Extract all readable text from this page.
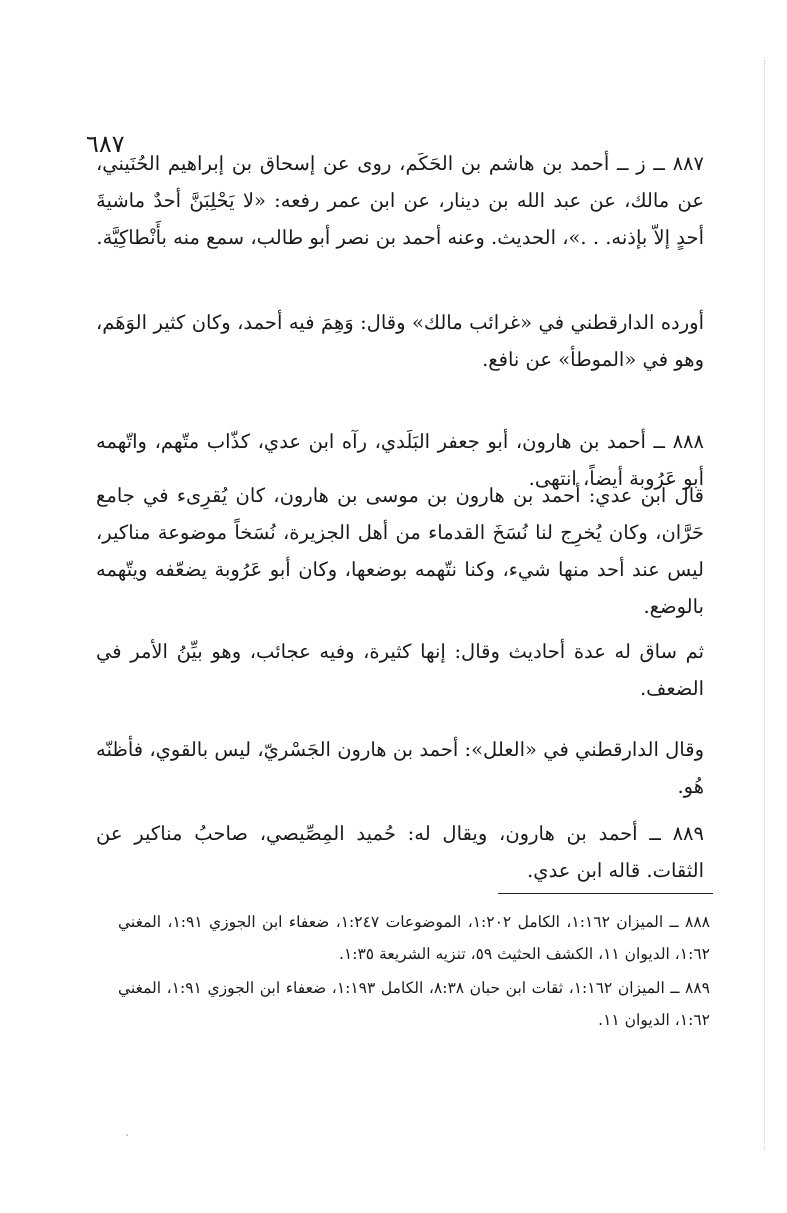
٦٨٧

٨٨٧ ــ ز ــ أحمد بن هاشم بن الحَكَم، روى عن إسحاق بن إبراهيم الحُنَيني، عن مالك، عن عبد الله بن دينار، عن ابن عمر رفعه: «لا يَحْلِبَنَّ أحدٌ ماشيةَ أحدٍ إلاّ بإذنه. . .»، الحديث. وعنه أحمد بن نصر أبو طالب، سمع منه بأَنْطاكِيَّة.

أورده الدارقطني في «غرائب مالك» وقال: وَهِمَ فيه أحمد، وكان كثير الوَهَم، وهو في «الموطأ» عن نافع.

٨٨٨ ــ أحمد بن هارون، أبو جعفر البَلَدي، رآه ابن عدي، كذّاب متّهم، واتّهمه أبو عَرُوبة أيضاً، انتهى.

قال ابن عدي: أحمد بن هارون بن موسى بن هارون، كان يُقرِىء في جامع حَرَّان، وكان يُخرِج لنا نُسَخَ القدماء من أهل الجزيرة، نُسَخاً موضوعة مناكير، ليس عند أحد منها شيء، وكنا نتّهمه بوضعها، وكان أبو عَرُوبة يضعّفه ويتّهمه بالوضع.

ثم ساق له عدة أحاديث وقال: إنها كثيرة، وفيه عجائب، وهو بيِّنُ الأمر في الضعف.

وقال الدارقطني في «العلل»: أحمد بن هارون الجَسْريّ، ليس بالقوي، فأظنّه هُو.

٨٨٩ ــ أحمد بن هارون، ويقال له: حُميد المِصِّيصي، صاحبُ مناكير عن الثقات. قاله ابن عدي.

٨٨٨ ــ الميزان ١:١٦٢، الكامل ١:٢٠٢، الموضوعات ١:٢٤٧، ضعفاء ابن الجوزي ١:٩١، المغني ١:٦٢، الديوان ١١، الكشف الحثيث ٥٩، تنزيه الشريعة ١:٣٥.

٨٨٩ ــ الميزان ١:١٦٢، ثقات ابن حبان ٨:٣٨، الكامل ١:١٩٣، ضعفاء ابن الجوزي ١:٩١، المغني ١:٦٢، الديوان ١١.
